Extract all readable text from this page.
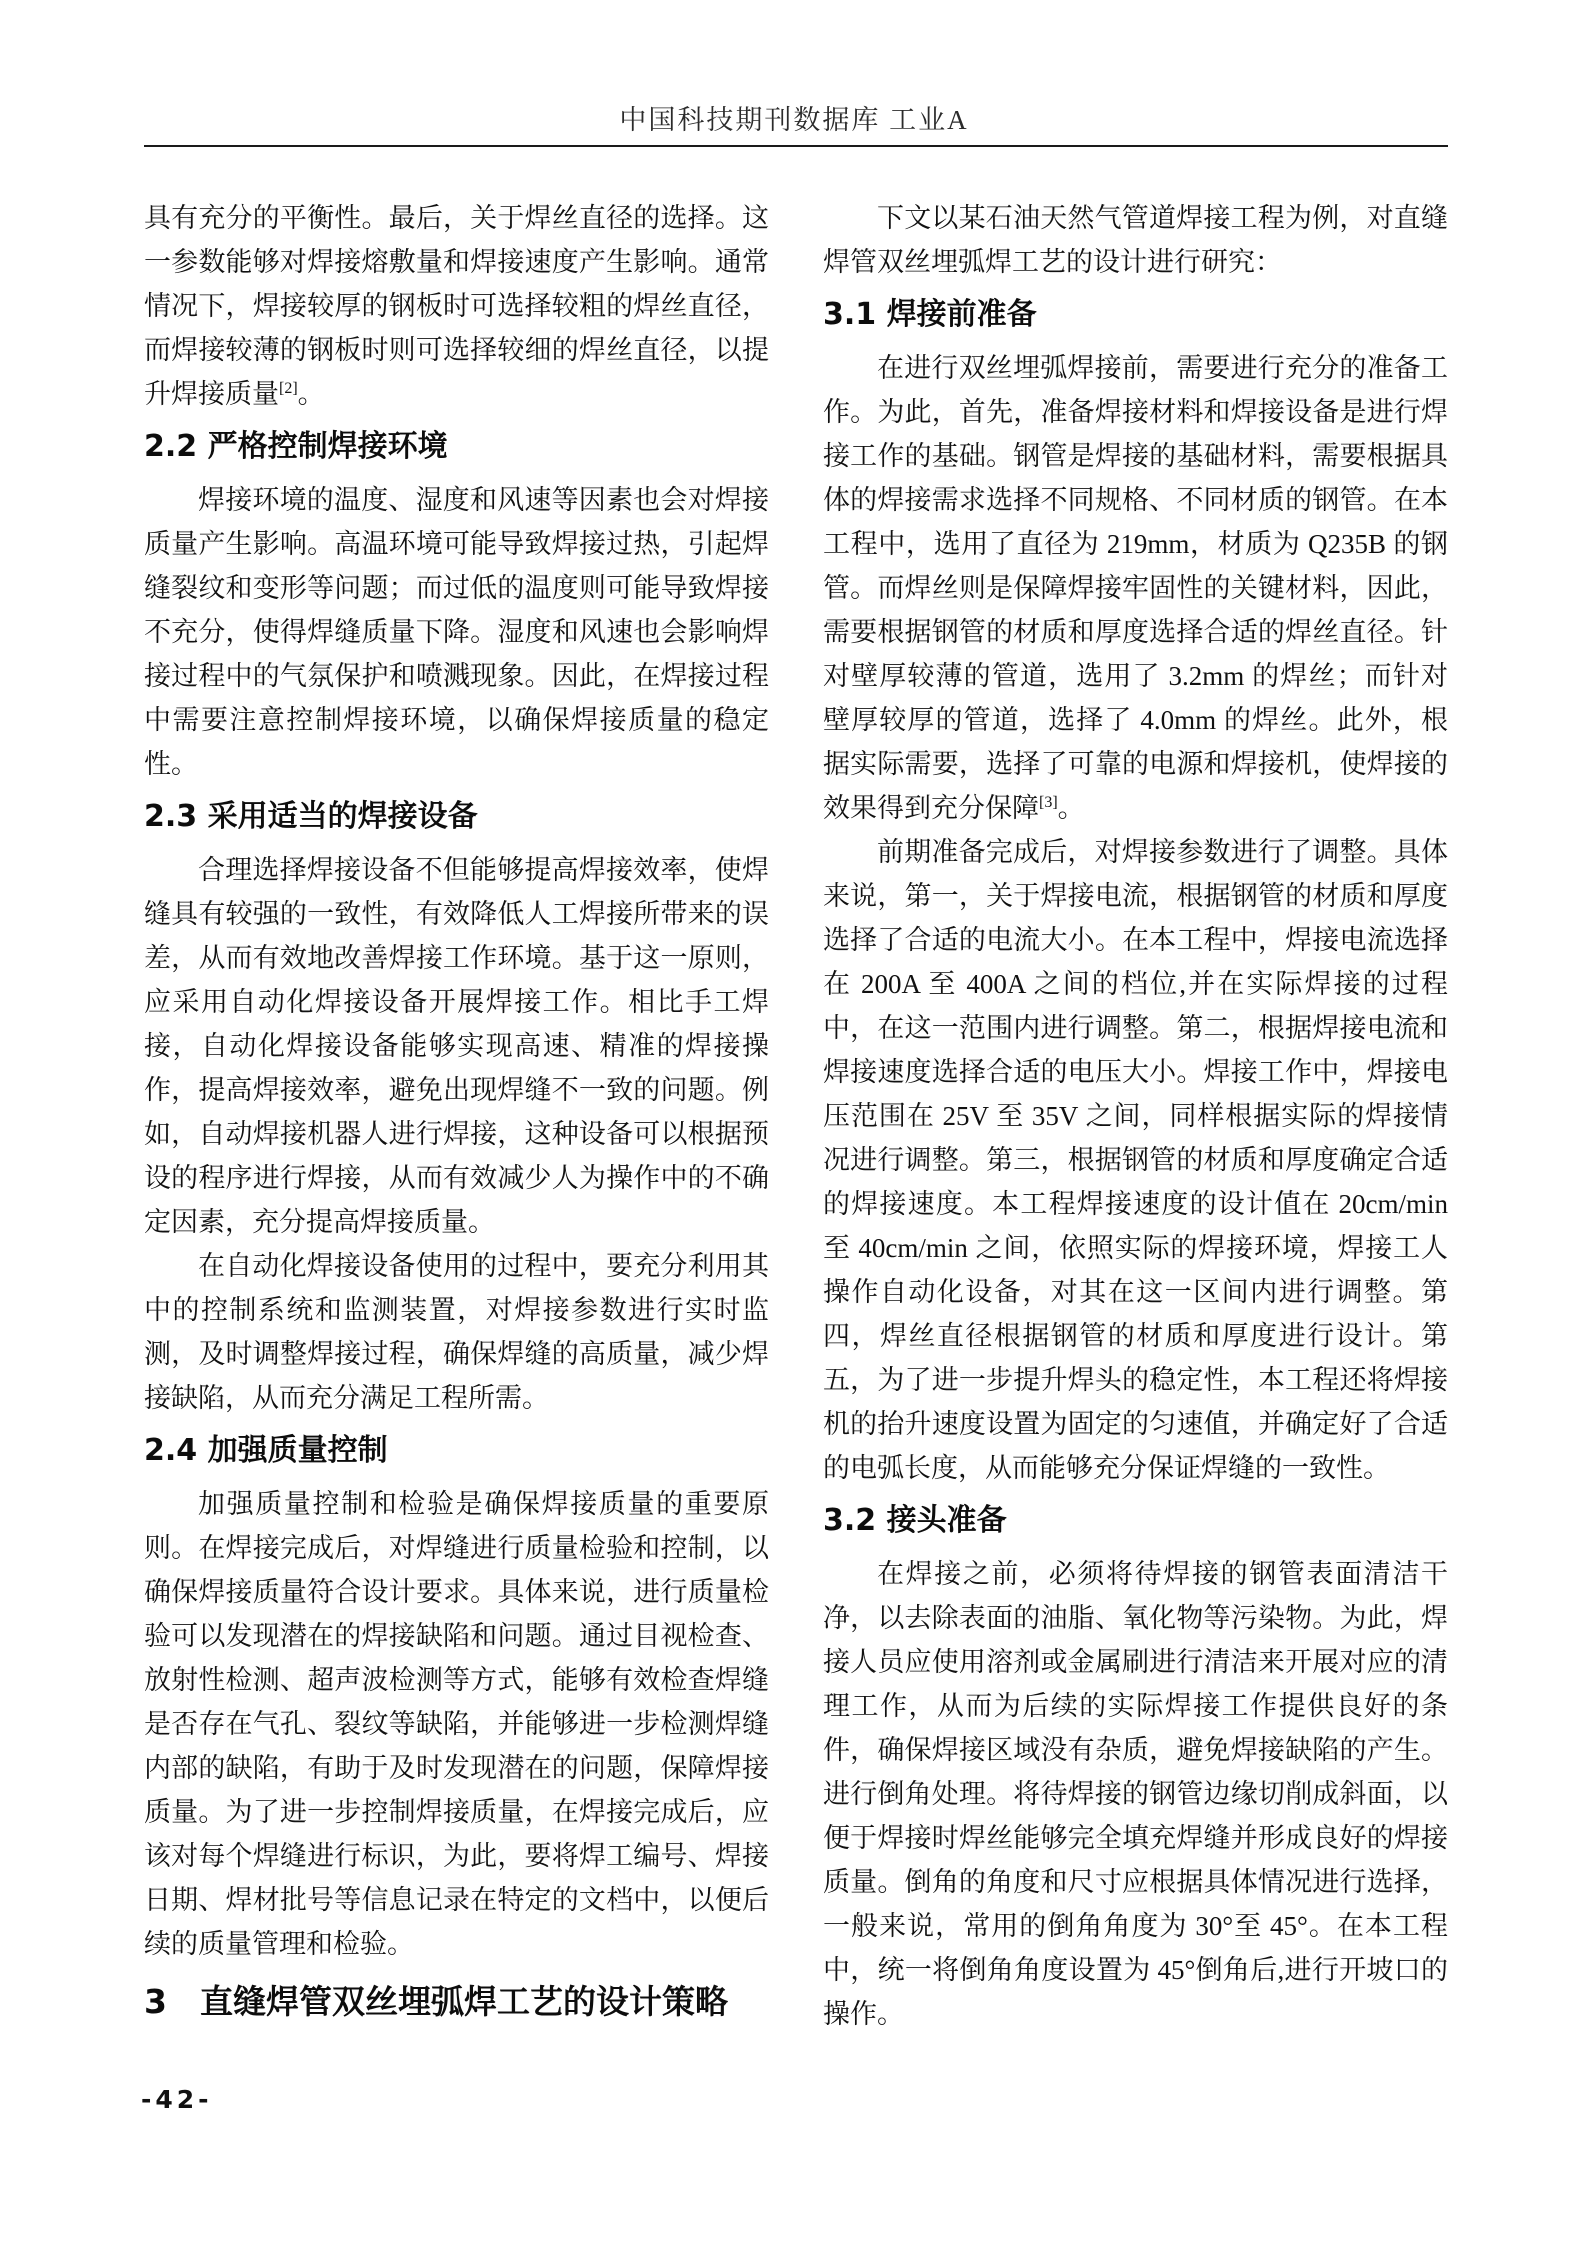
中国科技期刊数据库 工业A

具有充分的平衡性。最后，关于焊丝直径的选择。这一参数能够对焊接熔敷量和焊接速度产生影响。通常情况下，焊接较厚的钢板时可选择较粗的焊丝直径，而焊接较薄的钢板时则可选择较细的焊丝直径，以提升焊接质量[2]。

2.2 严格控制焊接环境

焊接环境的温度、湿度和风速等因素也会对焊接质量产生影响。高温环境可能导致焊接过热，引起焊缝裂纹和变形等问题；而过低的温度则可能导致焊接不充分，使得焊缝质量下降。湿度和风速也会影响焊接过程中的气氛保护和喷溅现象。因此，在焊接过程中需要注意控制焊接环境，以确保焊接质量的稳定性。

2.3 采用适当的焊接设备

合理选择焊接设备不但能够提高焊接效率，使焊缝具有较强的一致性，有效降低人工焊接所带来的误差，从而有效地改善焊接工作环境。基于这一原则，应采用自动化焊接设备开展焊接工作。相比手工焊接，自动化焊接设备能够实现高速、精准的焊接操作，提高焊接效率，避免出现焊缝不一致的问题。例如，自动焊接机器人进行焊接，这种设备可以根据预设的程序进行焊接，从而有效减少人为操作中的不确定因素，充分提高焊接质量。

在自动化焊接设备使用的过程中，要充分利用其中的控制系统和监测装置，对焊接参数进行实时监测，及时调整焊接过程，确保焊缝的高质量，减少焊接缺陷，从而充分满足工程所需。

2.4 加强质量控制

加强质量控制和检验是确保焊接质量的重要原则。在焊接完成后，对焊缝进行质量检验和控制，以确保焊接质量符合设计要求。具体来说，进行质量检验可以发现潜在的焊接缺陷和问题。通过目视检查、放射性检测、超声波检测等方式，能够有效检查焊缝是否存在气孔、裂纹等缺陷，并能够进一步检测焊缝内部的缺陷，有助于及时发现潜在的问题，保障焊接质量。为了进一步控制焊接质量，在焊接完成后，应该对每个焊缝进行标识，为此，要将焊工编号、焊接日期、焊材批号等信息记录在特定的文档中，以便后续的质量管理和检验。

3　直缝焊管双丝埋弧焊工艺的设计策略

下文以某石油天然气管道焊接工程为例，对直缝焊管双丝埋弧焊工艺的设计进行研究：

3.1 焊接前准备

在进行双丝埋弧焊接前，需要进行充分的准备工作。为此，首先，准备焊接材料和焊接设备是进行焊接工作的基础。钢管是焊接的基础材料，需要根据具体的焊接需求选择不同规格、不同材质的钢管。在本工程中，选用了直径为 219mm，材质为 Q235B 的钢管。而焊丝则是保障焊接牢固性的关键材料，因此，需要根据钢管的材质和厚度选择合适的焊丝直径。针对壁厚较薄的管道，选用了 3.2mm 的焊丝；而针对壁厚较厚的管道，选择了 4.0mm 的焊丝。此外，根据实际需要，选择了可靠的电源和焊接机，使焊接的效果得到充分保障[3]。

前期准备完成后，对焊接参数进行了调整。具体来说，第一，关于焊接电流，根据钢管的材质和厚度选择了合适的电流大小。在本工程中，焊接电流选择在 200A 至 400A 之间的档位,并在实际焊接的过程中，在这一范围内进行调整。第二，根据焊接电流和焊接速度选择合适的电压大小。焊接工作中，焊接电压范围在 25V 至 35V 之间，同样根据实际的焊接情况进行调整。第三，根据钢管的材质和厚度确定合适的焊接速度。本工程焊接速度的设计值在 20cm/min 至 40cm/min 之间，依照实际的焊接环境，焊接工人操作自动化设备，对其在这一区间内进行调整。第四，焊丝直径根据钢管的材质和厚度进行设计。第五，为了进一步提升焊头的稳定性，本工程还将焊接机的抬升速度设置为固定的匀速值，并确定好了合适的电弧长度，从而能够充分保证焊缝的一致性。

3.2 接头准备

在焊接之前，必须将待焊接的钢管表面清洁干净，以去除表面的油脂、氧化物等污染物。为此，焊接人员应使用溶剂或金属刷进行清洁来开展对应的清理工作，从而为后续的实际焊接工作提供良好的条件，确保焊接区域没有杂质，避免焊接缺陷的产生。进行倒角处理。将待焊接的钢管边缘切削成斜面，以便于焊接时焊丝能够完全填充焊缝并形成良好的焊接质量。倒角的角度和尺寸应根据具体情况进行选择，一般来说，常用的倒角角度为 30°至 45°。在本工程中，统一将倒角角度设置为 45°倒角后,进行开坡口的操作。

-42-
